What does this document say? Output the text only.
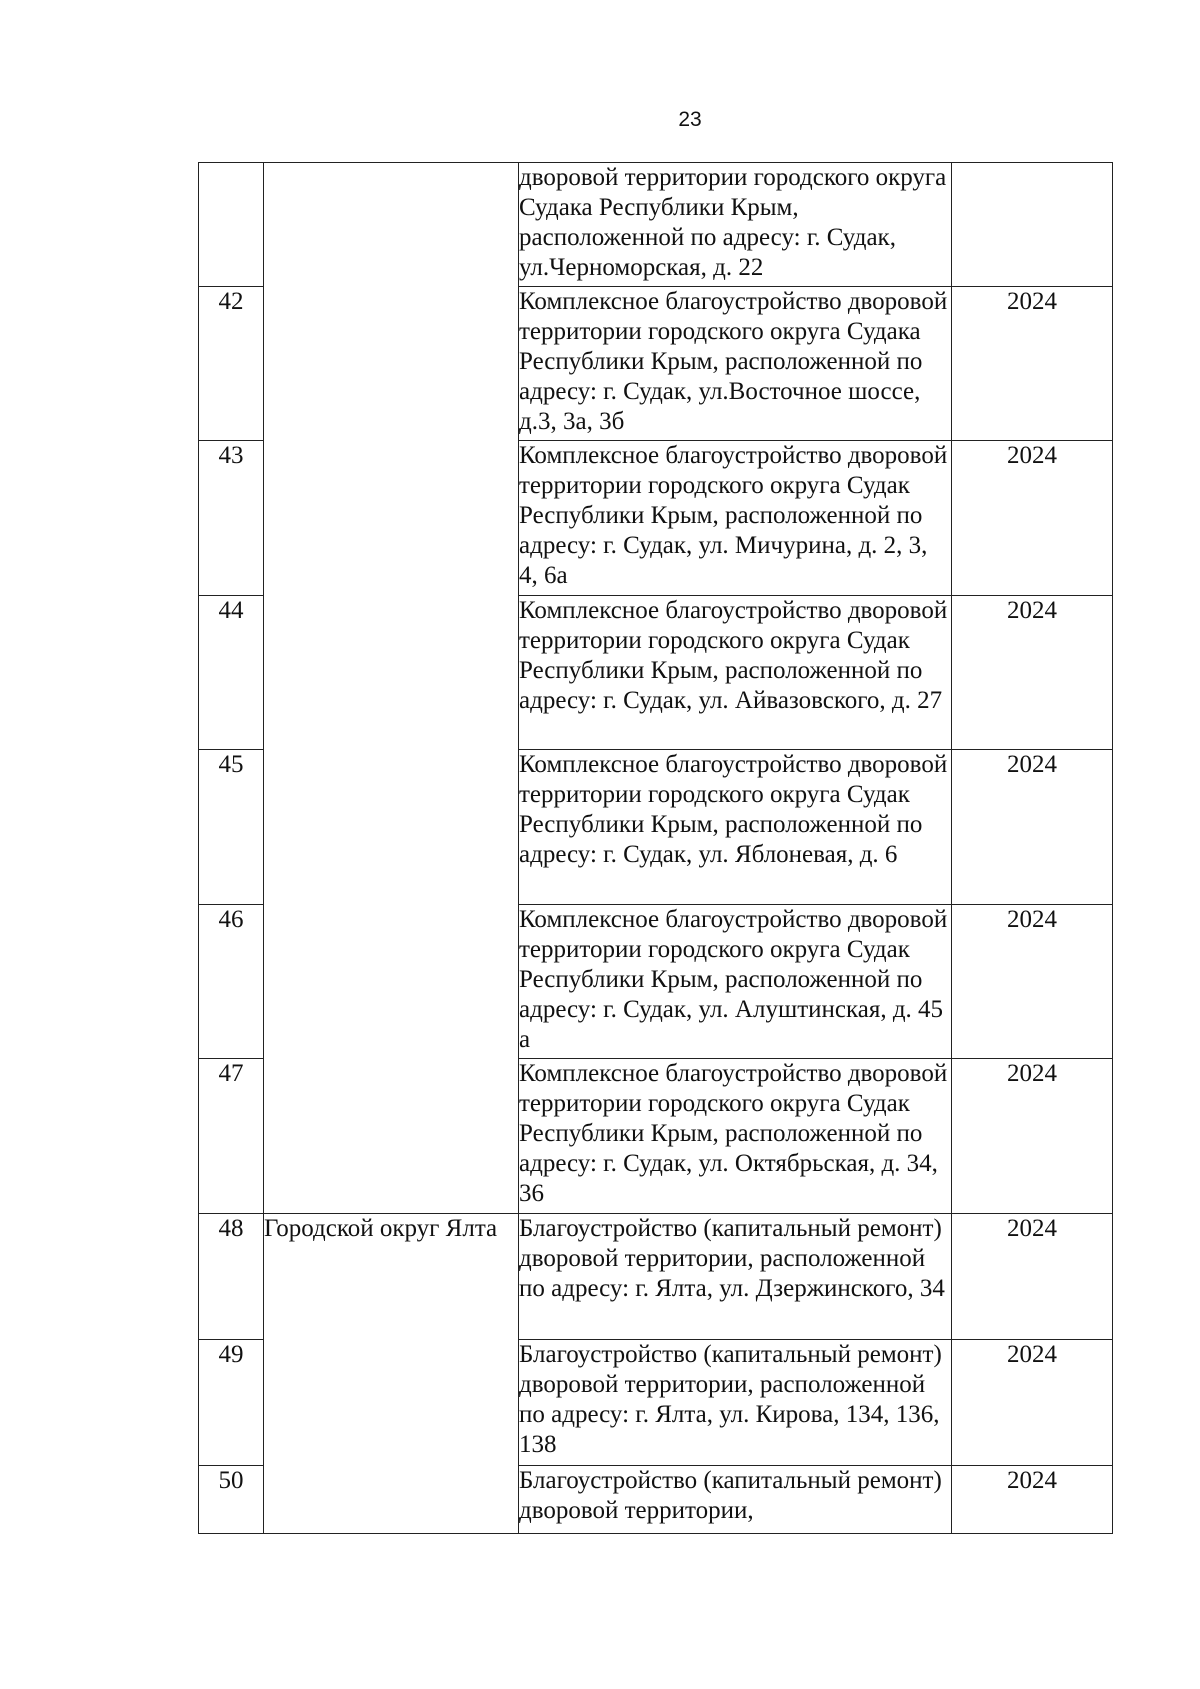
23
		дворовой территории городского округа Судака Республики Крым, расположенной по адресу: г. Судак, ул.Черноморская, д. 22	
42		Комплексное благоустройство дворовой территории городского округа Судака Республики Крым, расположенной по адресу: г. Судак, ул.Восточное шоссе, д.3, 3а, 3б	2024
43		Комплексное благоустройство дворовой территории городского округа Судак Республики Крым, расположенной по адресу: г. Судак, ул. Мичурина, д. 2, 3, 4, 6а	2024
44		Комплексное благоустройство дворовой территории городского округа Судак Республики Крым, расположенной по адресу: г. Судак, ул. Айвазовского, д. 27	2024
45		Комплексное благоустройство дворовой территории городского округа Судак Республики Крым, расположенной по адресу: г. Судак, ул. Яблоневая, д. 6	2024
46		Комплексное благоустройство дворовой территории городского округа Судак Республики Крым, расположенной по адресу: г. Судак, ул. Алуштинская, д. 45 а	2024
47		Комплексное благоустройство дворовой территории городского округа Судак Республики Крым, расположенной по адресу: г. Судак, ул. Октябрьская, д. 34, 36	2024
48	Городской округ Ялта	Благоустройство (капитальный ремонт) дворовой территории, расположенной по адресу: г. Ялта, ул. Дзержинского, 34	2024
49		Благоустройство (капитальный ремонт) дворовой территории, расположенной по адресу: г. Ялта, ул. Кирова, 134, 136, 138	2024
50		Благоустройство (капитальный ремонт) дворовой территории,	2024
